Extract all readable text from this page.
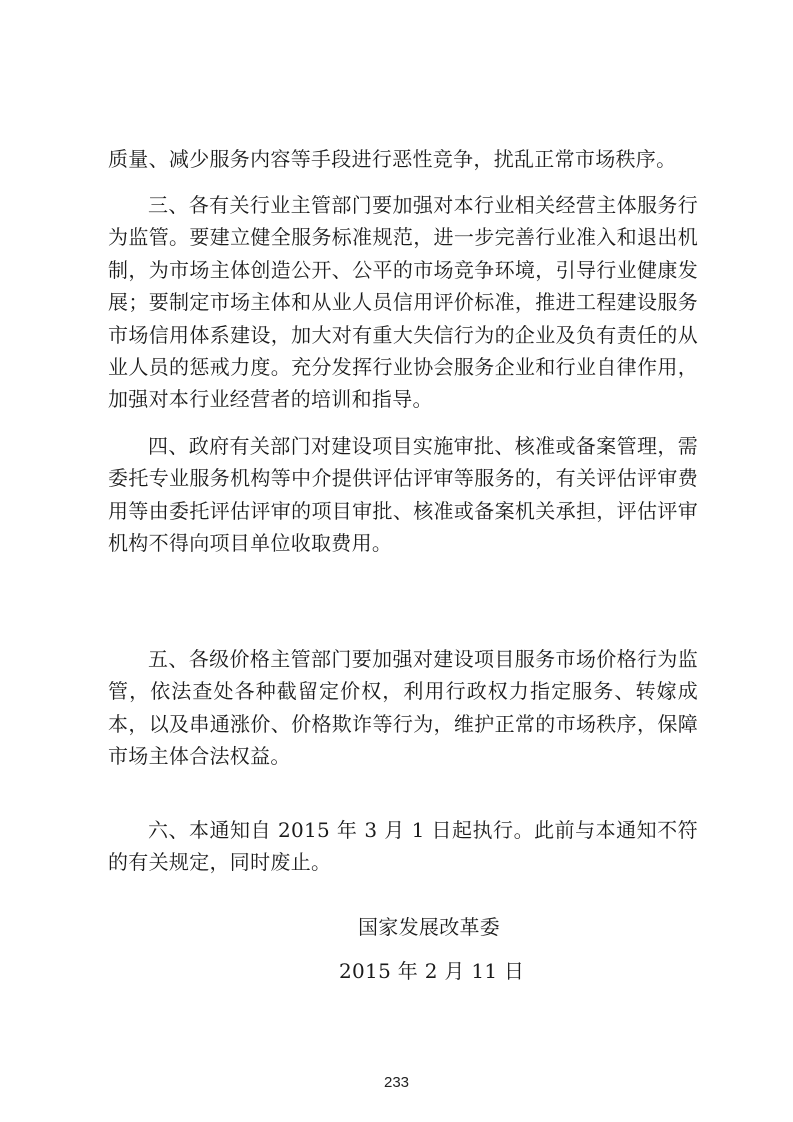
质量、减少服务内容等手段进行恶性竞争，扰乱正常市场秩序。

三、各有关行业主管部门要加强对本行业相关经营主体服务行为监管。要建立健全服务标准规范，进一步完善行业准入和退出机制，为市场主体创造公开、公平的市场竞争环境，引导行业健康发展；要制定市场主体和从业人员信用评价标准，推进工程建设服务市场信用体系建设，加大对有重大失信行为的企业及负有责任的从业人员的惩戒力度。充分发挥行业协会服务企业和行业自律作用，加强对本行业经营者的培训和指导。

四、政府有关部门对建设项目实施审批、核准或备案管理，需委托专业服务机构等中介提供评估评审等服务的，有关评估评审费用等由委托评估评审的项目审批、核准或备案机关承担，评估评审机构不得向项目单位收取费用。

五、各级价格主管部门要加强对建设项目服务市场价格行为监管，依法查处各种截留定价权，利用行政权力指定服务、转嫁成本，以及串通涨价、价格欺诈等行为，维护正常的市场秩序，保障市场主体合法权益。

六、本通知自 2015 年 3 月 1 日起执行。此前与本通知不符的有关规定，同时废止。

国家发展改革委
2015 年 2 月 11 日
233
